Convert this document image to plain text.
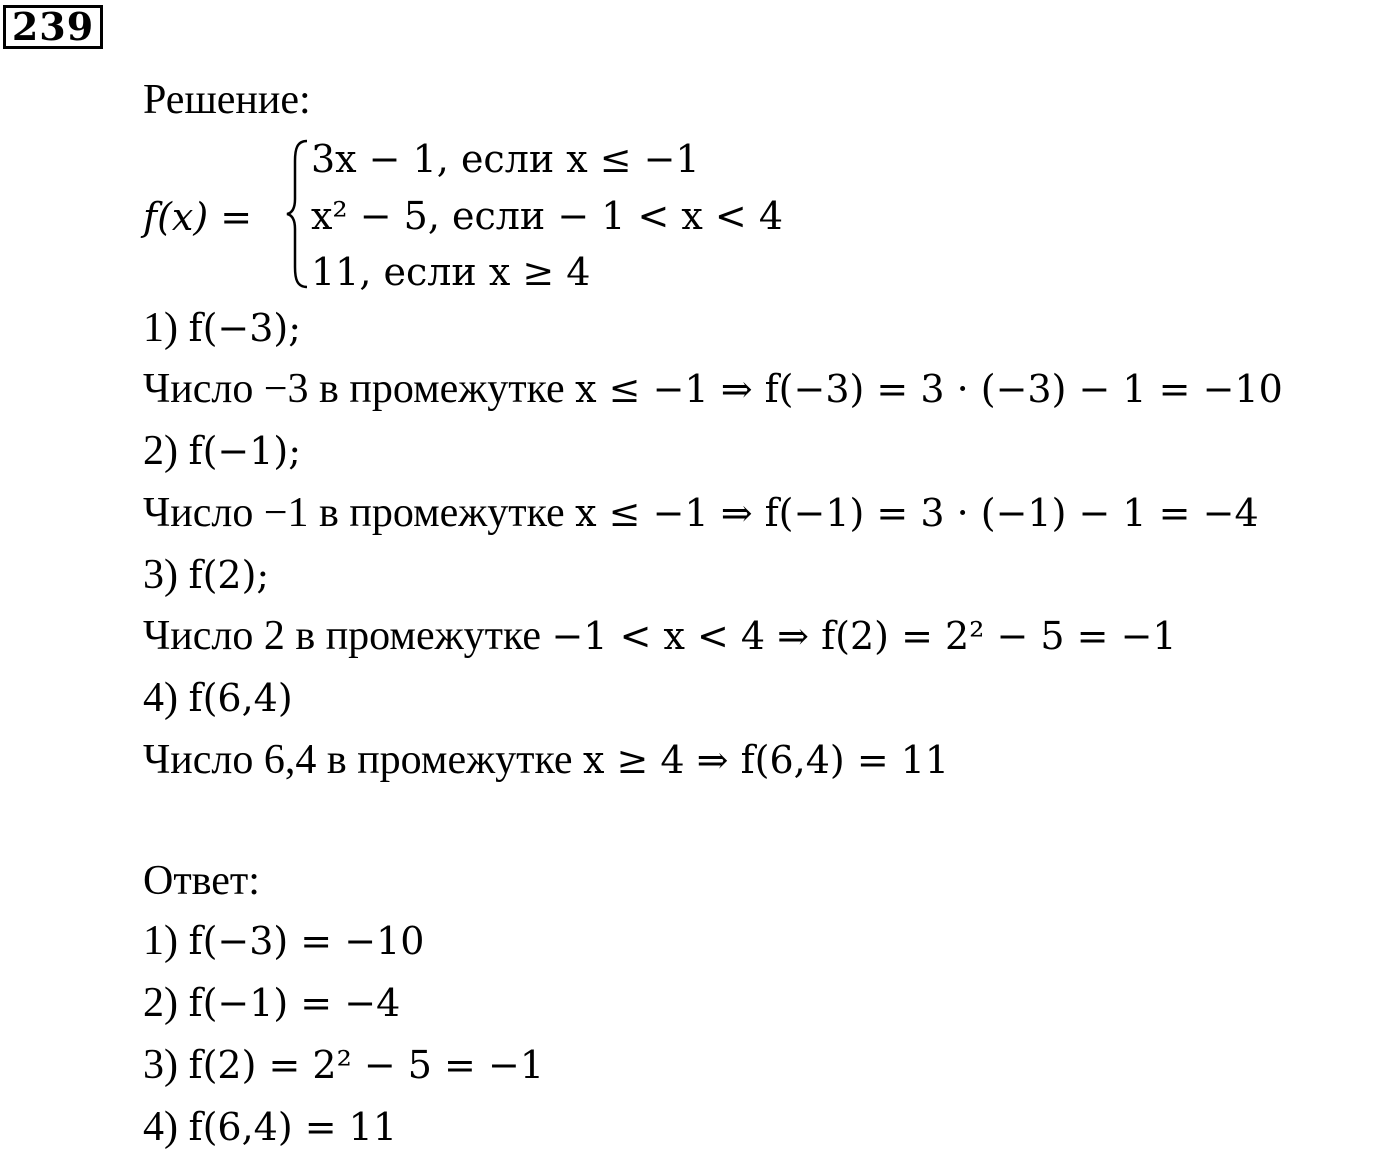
239
Решение:
f(x) =
3x − 1, если x ≤ −1
x² − 5, если − 1 < x < 4
11, если x ≥ 4
1) f(−3);
Число −3 в промежутке x ≤ −1 ⇒ f(−3) = 3 · (−3) − 1 = −10
2) f(−1);
Число −1 в промежутке x ≤ −1 ⇒ f(−1) = 3 · (−1) − 1 = −4
3) f(2);
Число 2 в промежутке −1 < x < 4 ⇒ f(2) = 2² − 5 = −1
4) f(6,4)
Число 6,4 в промежутке x ≥ 4 ⇒ f(6,4) = 11
Ответ:
1) f(−3) = −10
2) f(−1) = −4
3) f(2) = 2² − 5 = −1
4) f(6,4) = 11
